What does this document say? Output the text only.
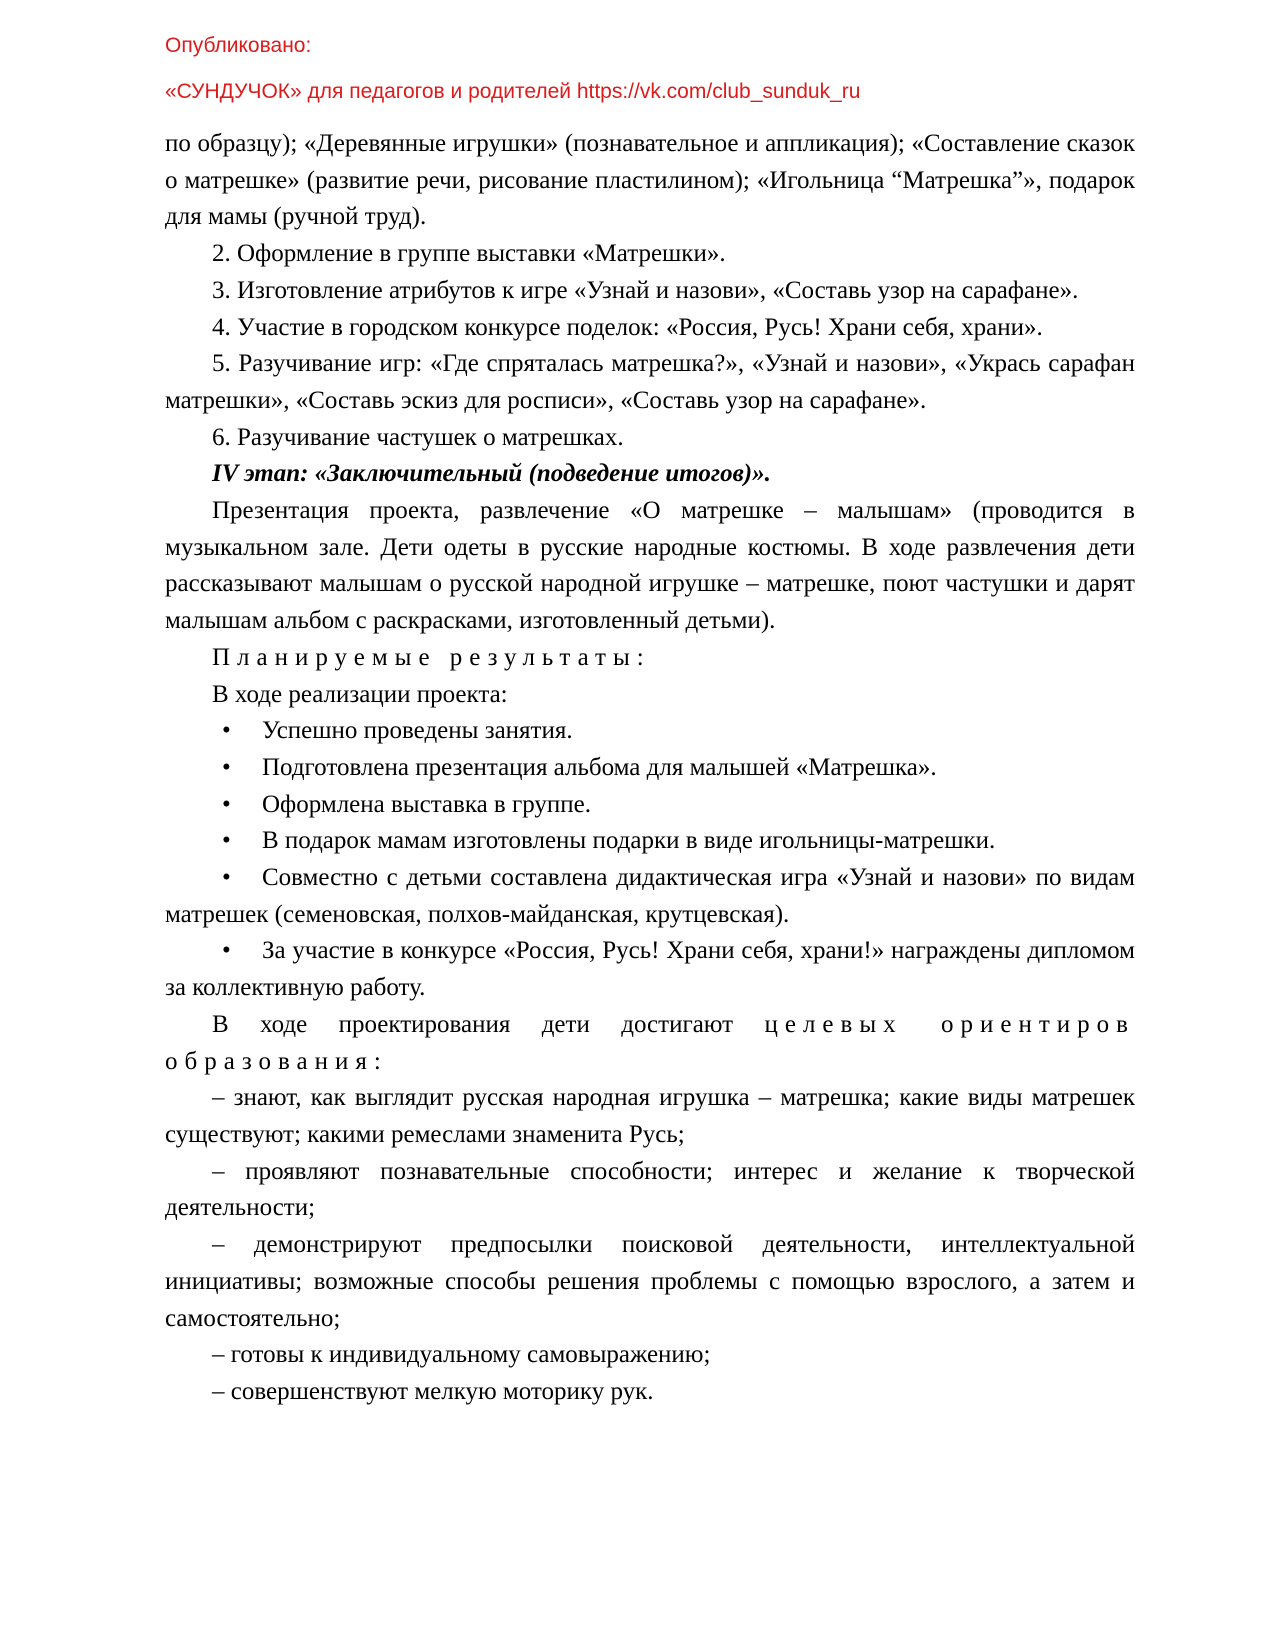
Опубликовано:

«СУНДУЧОК» для педагогов и родителей https://vk.com/club_sunduk_ru

по образцу); «Деревянные игрушки» (познавательное и аппликация); «Составление сказок о матрешке» (развитие речи, рисование пластилином); «Игольница “Матрешка”», подарок для мамы (ручной труд).

2. Оформление в группе выставки «Матрешки».

3. Изготовление атрибутов к игре «Узнай и назови», «Составь узор на сарафане».

4. Участие в городском конкурсе поделок: «Россия, Русь! Храни себя, храни».

5. Разучивание игр: «Где спряталась матрешка?», «Узнай и назови», «Укрась сарафан матрешки», «Составь эскиз для росписи», «Составь узор на сарафане».

6. Разучивание частушек о матрешках.

IV этап: «Заключительный (подведение итогов)».

Презентация проекта, развлечение «О матрешке – малышам» (проводится в музыкальном зале. Дети одеты в русские народные костюмы. В ходе развлечения дети рассказывают малышам о русской народной игрушке – матрешке, поют частушки и дарят малышам альбом с раскрасками, изготовленный детьми).

Планируемые результаты:

В ходе реализации проекта:

• Успешно проведены занятия.

• Подготовлена презентация альбома для малышей «Матрешка».

• Оформлена выставка в группе.

• В подарок мамам изготовлены подарки в виде игольницы-матрешки.

• Совместно с детьми составлена дидактическая игра «Узнай и назови» по видам матрешек (семеновская, полхов-майданская, крутцевская).

• За участие в конкурсе «Россия, Русь! Храни себя, храни!» награждены дипломом за коллективную работу.

В ходе проектирования дети достигают целевых ориентиров образования:

– знают, как выглядит русская народная игрушка – матрешка; какие виды матрешек существуют; какими ремеслами знаменита Русь;

– проявляют познавательные способности; интерес и желание к творческой деятельности;

– демонстрируют предпосылки поисковой деятельности, интеллектуальной инициативы; возможные способы решения проблемы с помощью взрослого, а затем и самостоятельно;

– готовы к индивидуальному самовыражению;

– совершенствуют мелкую моторику рук.
